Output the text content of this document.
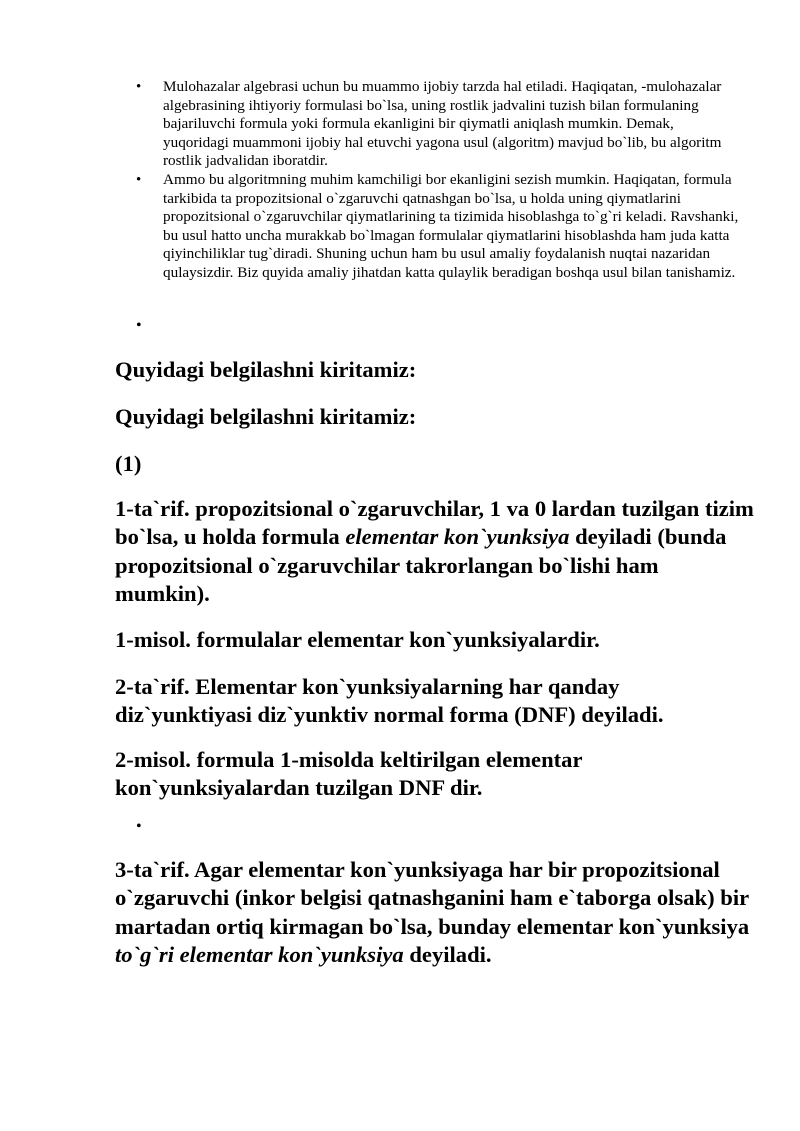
• Mulohazalar algebrasi uchun bu muammo ijobiy tarzda hal etiladi. Haqiqatan, -mulohazalar algebrasining ihtiyoriy formulasi bo`lsa, uning rostlik jadvalini tuzish bilan formulaning bajariluvchi formula yoki formula ekanligini bir qiymatli aniqlash mumkin. Demak, yuqoridagi muammoni ijobiy hal etuvchi yagona usul (algoritm) mavjud bo`lib, bu algoritm rostlik jadvalidan iboratdir.
• Ammo bu algoritmning muhim kamchiligi bor ekanligini sezish mumkin. Haqiqatan, formula tarkibida ta propozitsional o`zgaruvchi qatnashgan bo`lsa, u holda uning qiymatlarini propozitsional o`zgaruvchilar qiymatlarining ta tizimida hisoblashga to`g`ri keladi. Ravshanki, bu usul hatto uncha murakkab bo`lmagan formulalar qiymatlarini hisoblashda ham juda katta qiyinchiliklar tug`diradi. Shuning uchun ham bu usul amaliy foydalanish nuqtai nazaridan qulaysizdir. Biz quyida amaliy jihatdan katta qulaylik beradigan boshqa usul bilan tanishamiz.
•

Quyidagi belgilashni kiritamiz:

Quyidagi belgilashni kiritamiz:

(1)

1-ta`rif. propozitsional o`zgaruvchilar, 1 va 0 lardan tuzilgan tizim bo`lsa, u holda formula elementar kon`yunksiya deyiladi (bunda propozitsional o`zgaruvchilar takrorlangan bo`lishi ham mumkin).

1-misol. formulalar elementar kon`yunksiyalardir.

2-ta`rif. Elementar kon`yunksiyalarning har qanday diz`yunktiyasi diz`yunktiv normal forma (DNF) deyiladi.

2-misol. formula 1-misolda keltirilgan elementar kon`yunksiyalardan tuzilgan DNF dir.

•

3-ta`rif. Agar elementar kon`yunksiyaga har bir propozitsional o`zgaruvchi (inkor belgisi qatnashganini ham e`taborga olsak) bir martadan ortiq kirmagan bo`lsa, bunday elementar kon`yunksiya to`g`ri elementar kon`yunksiya deyiladi.
